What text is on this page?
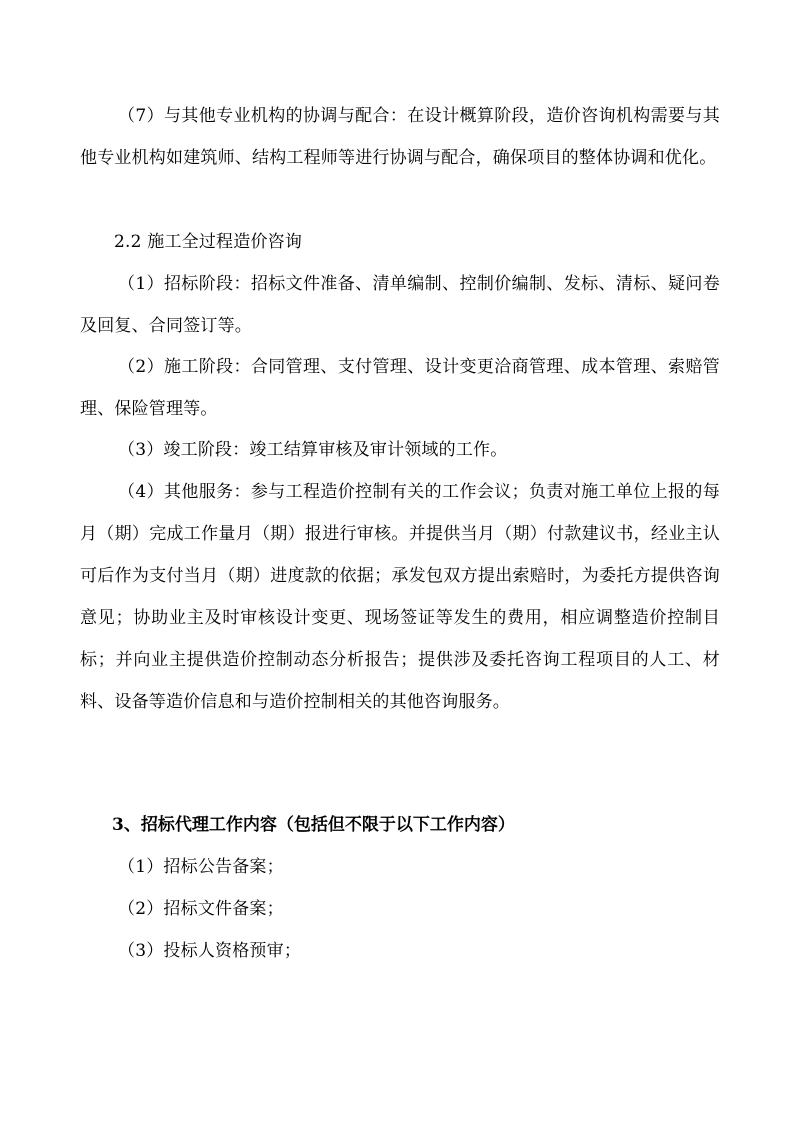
（7）与其他专业机构的协调与配合：在设计概算阶段，造价咨询机构需要与其他专业机构如建筑师、结构工程师等进行协调与配合，确保项目的整体协调和优化。

2.2 施工全过程造价咨询

（1）招标阶段：招标文件准备、清单编制、控制价编制、发标、清标、疑问卷及回复、合同签订等。

（2）施工阶段：合同管理、支付管理、设计变更洽商管理、成本管理、索赔管理、保险管理等。

（3）竣工阶段：竣工结算审核及审计领域的工作。

（4）其他服务：参与工程造价控制有关的工作会议；负责对施工单位上报的每月（期）完成工作量月（期）报进行审核。并提供当月（期）付款建议书，经业主认可后作为支付当月（期）进度款的依据；承发包双方提出索赔时，为委托方提供咨询意见；协助业主及时审核设计变更、现场签证等发生的费用，相应调整造价控制目标；并向业主提供造价控制动态分析报告；提供涉及委托咨询工程项目的人工、材料、设备等造价信息和与造价控制相关的其他咨询服务。

3、招标代理工作内容（包括但不限于以下工作内容）

（1）招标公告备案；

（2）招标文件备案；

（3）投标人资格预审；
